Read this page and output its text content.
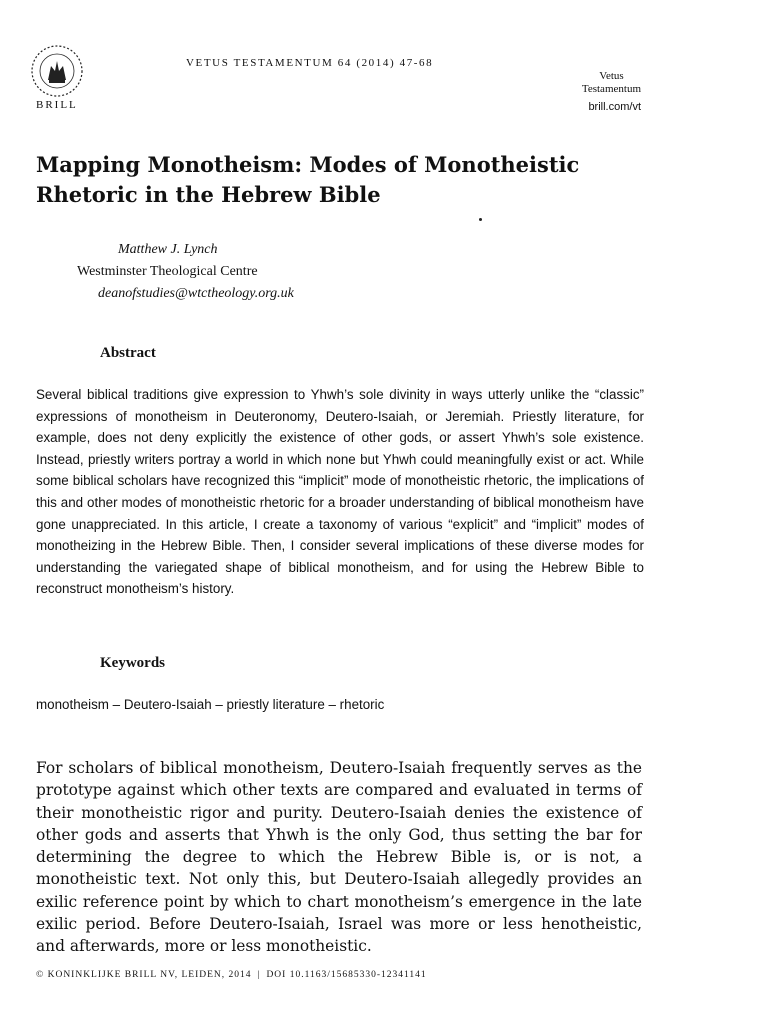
BRILL
VETUS TESTAMENTUM 64 (2014) 47-68
Vetus
Testamentum
brill.com/vt
Mapping Monotheism: Modes of Monotheistic Rhetoric in the Hebrew Bible
Matthew J. Lynch
Westminster Theological Centre
deanofstudies@wtctheology.org.uk
Abstract

Several biblical traditions give expression to Yhwh’s sole divinity in ways utterly unlike the “classic” expressions of monotheism in Deuteronomy, Deutero-Isaiah, or Jeremiah. Priestly literature, for example, does not deny explicitly the existence of other gods, or assert Yhwh’s sole existence. Instead, priestly writers portray a world in which none but Yhwh could meaningfully exist or act. While some biblical scholars have recognized this “implicit” mode of monotheistic rhetoric, the implications of this and other modes of monotheistic rhetoric for a broader understanding of biblical monotheism have gone unappreciated. In this article, I create a taxonomy of various “explicit” and “implicit” modes of monotheizing in the Hebrew Bible. Then, I consider several implications of these diverse modes for understanding the variegated shape of biblical monotheism, and for using the Hebrew Bible to reconstruct monotheism’s history.

Keywords
monotheism – Deutero-Isaiah – priestly literature – rhetoric

For scholars of biblical monotheism, Deutero-Isaiah frequently serves as the prototype against which other texts are compared and evaluated in terms of their monotheistic rigor and purity. Deutero-Isaiah denies the existence of other gods and asserts that Yhwh is the only God, thus setting the bar for determining the degree to which the Hebrew Bible is, or is not, a monotheistic text. Not only this, but Deutero-Isaiah allegedly provides an exilic reference point by which to chart monotheism’s emergence in the late exilic period. Before Deutero-Isaiah, Israel was more or less henotheistic, and afterwards, more or less monotheistic.

© KONINKLIJKE BRILL NV, LEIDEN, 2014 | DOI 10.1163/15685330-12341141
